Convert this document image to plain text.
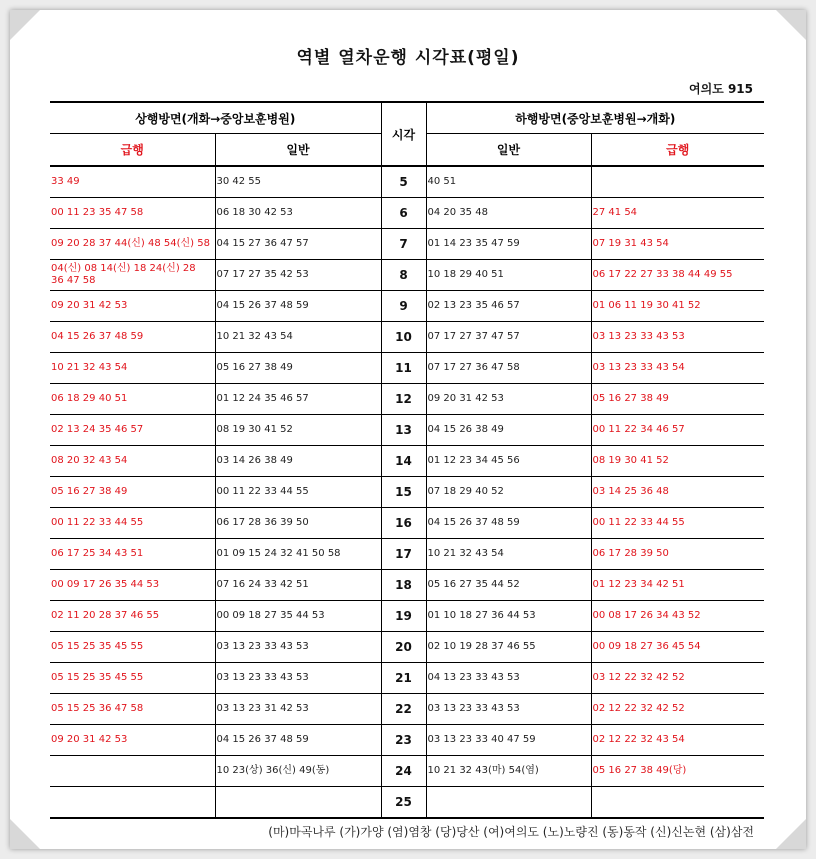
역별 열차운행 시각표(평일)
여의도 915
상행방면(개화→중앙보훈병원)		시각	하행방면(중앙보훈병원→개화)	
급행	일반		일반	급행
33 49	30 42 55	5	40 51	
00 11 23 35 47 58	06 18 30 42 53	6	04 20 35 48	27 41 54
09 20 28 37 44(신) 48 54(신) 58	04 15 27 36 47 57	7	01 14 23 35 47 59	07 19 31 43 54
04(신) 08 14(신) 18 24(신) 28 36 47 58	07 17 27 35 42 53	8	10 18 29 40 51	06 17 22 27 33 38 44 49 55
09 20 31 42 53	04 15 26 37 48 59	9	02 13 23 35 46 57	01 06 11 19 30 41 52
04 15 26 37 48 59	10 21 32 43 54	10	07 17 27 37 47 57	03 13 23 33 43 53
10 21 32 43 54	05 16 27 38 49	11	07 17 27 36 47 58	03 13 23 33 43 54
06 18 29 40 51	01 12 24 35 46 57	12	09 20 31 42 53	05 16 27 38 49
02 13 24 35 46 57	08 19 30 41 52	13	04 15 26 38 49	00 11 22 34 46 57
08 20 32 43 54	03 14 26 38 49	14	01 12 23 34 45 56	08 19 30 41 52
05 16 27 38 49	00 11 22 33 44 55	15	07 18 29 40 52	03 14 25 36 48
00 11 22 33 44 55	06 17 28 36 39 50	16	04 15 26 37 48 59	00 11 22 33 44 55
06 17 25 34 43 51	01 09 15 24 32 41 50 58	17	10 21 32 43 54	06 17 28 39 50
00 09 17 26 35 44 53	07 16 24 33 42 51	18	05 16 27 35 44 52	01 12 23 34 42 51
02 11 20 28 37 46 55	00 09 18 27 35 44 53	19	01 10 18 27 36 44 53	00 08 17 26 34 43 52
05 15 25 35 45 55	03 13 23 33 43 53	20	02 10 19 28 37 46 55	00 09 18 27 36 45 54
05 15 25 35 45 55	03 13 23 33 43 53	21	04 13 23 33 43 53	03 12 22 32 42 52
05 15 25 36 47 58	03 13 23 31 42 53	22	03 13 23 33 43 53	02 12 22 32 42 52
09 20 31 42 53	04 15 26 37 48 59	23	03 13 23 33 40 47 59	02 12 22 32 43 54
	10 23(상) 36(신) 49(동)	24	10 21 32 43(마) 54(염)	05 16 27 38 49(당)
		25		
(마)마곡나루 (가)가양 (염)염창 (당)당산 (여)여의도 (노)노량진 (동)동작 (신)신논현 (삼)삼전
